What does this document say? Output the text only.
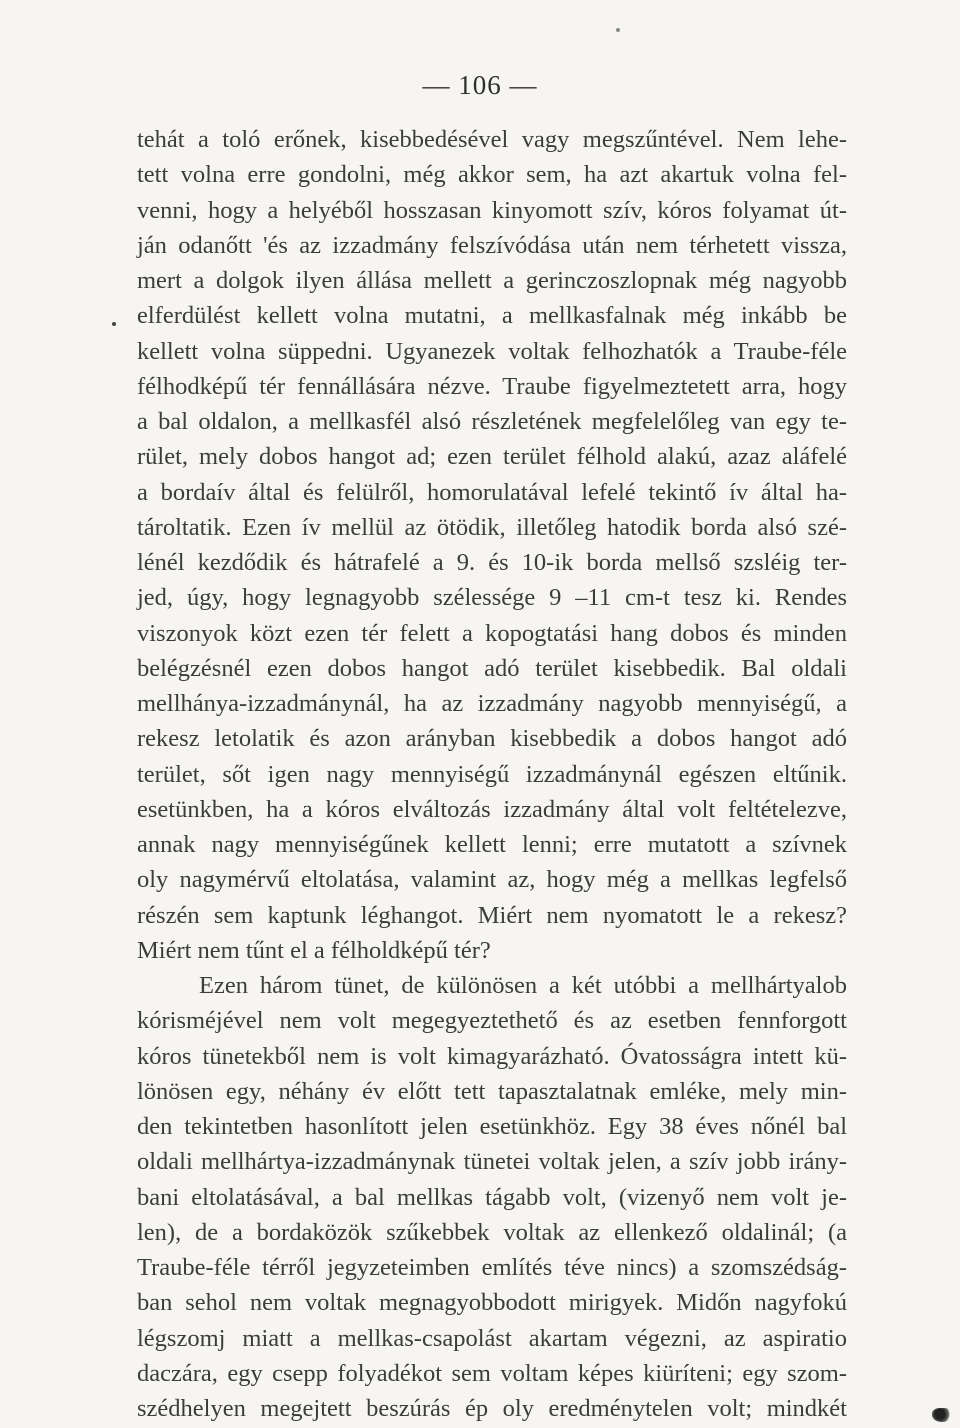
— 106 —
tehát a toló erőnek, kisebbedésével vagy megszűntével. Nem lehe-
tett volna erre gondolni, még akkor sem, ha azt akartuk volna fel-
venni, hogy a helyéből hosszasan kinyomott szív, kóros folyamat út-
ján odanőtt 'és az izzadmány felszívódása után nem térhetett vissza,
mert a dolgok ilyen állása mellett a gerinczoszlopnak még nagyobb
elferdülést kellett volna mutatni, a mellkasfalnak még inkább be
kellett volna süppedni. Ugyanezek voltak felhozhatók a Traube-féle
félhodképű tér fennállására nézve. Traube figyelmeztetett arra, hogy
a bal oldalon, a mellkasfél alsó részletének megfelelőleg van egy te-
rület, mely dobos hangot ad; ezen terület félhold alakú, azaz aláfelé
a bordaív által és felülről, homorulatával lefelé tekintő ív által ha-
tároltatik. Ezen ív mellül az ötödik, illetőleg hatodik borda alsó szé-
lénél kezdődik és hátrafelé a 9. és 10-ik borda mellső szsléig ter-
jed, úgy, hogy legnagyobb szélessége 9 –11 cm-t tesz ki. Rendes
viszonyok közt ezen tér felett a kopogtatási hang dobos és minden
belégzésnél ezen dobos hangot adó terület kisebbedik. Bal oldali
mellhánya-izzadmánynál, ha az izzadmány nagyobb mennyiségű, a
rekesz letolatik és azon arányban kisebbedik a dobos hangot adó
terület, sőt igen nagy mennyiségű izzadmánynál egészen eltűnik.
esetünkben, ha a kóros elváltozás izzadmány által volt feltételezve,
annak nagy mennyiségűnek kellett lenni; erre mutatott a szívnek
oly nagymérvű eltolatása, valamint az, hogy még a mellkas legfelső
részén sem kaptunk léghangot. Miért nem nyomatott le a rekesz?
Miért nem tűnt el a félholdképű tér?
Ezen három tünet, de különösen a két utóbbi a mellhártyalob
kórisméjével nem volt megegyeztethető és az esetben fennforgott
kóros tünetekből nem is volt kimagyarázható. Óvatosságra intett kü-
lönösen egy, néhány év előtt tett tapasztalatnak emléke, mely min-
den tekintetben hasonlított jelen esetünkhöz. Egy 38 éves nőnél bal
oldali mellhártya-izzadmánynak tünetei voltak jelen, a szív jobb irány-
bani eltolatásával, a bal mellkas tágabb volt, (vizenyő nem volt je-
len), de a bordaközök szűkebbek voltak az ellenkező oldalinál; (a
Traube-féle térről jegyzeteimben említés téve nincs) a szomszédság-
ban sehol nem voltak megnagyobbodott mirigyek. Midőn nagyfokú
légszomj miatt a mellkas-csapolást akartam végezni, az aspiratio
daczára, egy csepp folyadékot sem voltam képes kiüríteni; egy szom-
szédhelyen megejtett beszúrás ép oly eredménytelen volt; mindkét
